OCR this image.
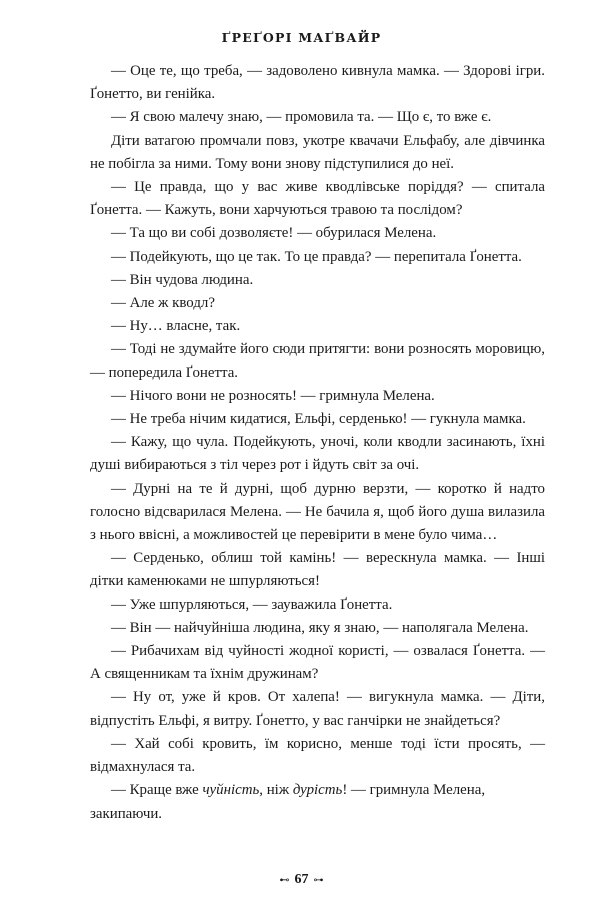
ҐРЕҐОРІ МАҐВАЙР

— Оце те, що треба, — задоволено кивнула мамка. — Здорові ігри. Ґонетто, ви генійка.

— Я свою малечу знаю, — промовила та. — Що є, то вже є.

Діти ватагою промчали повз, укотре квачачи Ельфабу, але дівчинка не побігла за ними. Тому вони знову підступилися до неї.

— Це правда, що у вас живе кводлівське поріддя? — спитала Ґонетта. — Кажуть, вони харчуються травою та послідом?

— Та що ви собі дозволяєте! — обурилася Мелена.

— Подейкують, що це так. То це правда? — перепитала Ґонетта.

— Він чудова людина.

— Але ж кводл?

— Ну… власне, так.

— Тоді не здумайте його сюди притягти: вони розносять моровицю, — попередила Ґонетта.

— Нічого вони не розносять! — гримнула Мелена.

— Не треба нічим кидатися, Ельфі, серденько! — гукнула мамка.

— Кажу, що чула. Подейкують, уночі, коли кводли засинають, їхні душі вибираються з тіл через рот і йдуть світ за очі.

— Дурні на те й дурні, щоб дурню верзти, — коротко й надто голосно відсварилася Мелена. — Не бачила я, щоб його душа вилазила з нього ввісні, а можливостей це перевірити в мене було чима…

— Серденько, облиш той камінь! — верескнула мамка. — Інші дітки каменюками не шпурляються!

— Уже шпурляються, — зауважила Ґонетта.

— Він — найчуйніша людина, яку я знаю, — наполягала Мелена.

— Рибачихам від чуйності жодної користі, — озвалася Ґонетта. — А священникам та їхнім дружинам?

— Ну от, уже й кров. От халепа! — вигукнула мамка. — Діти, відпустіть Ельфі, я витру. Ґонетто, у вас ганчірки не знайдеться?

— Хай собі кровить, їм корисно, менше тоді їсти просять, — відмахнулася та.

— Краще вже чуйність, ніж дурість! — гримнула Мелена, закипаючи.

⊷ 67 ⊶
